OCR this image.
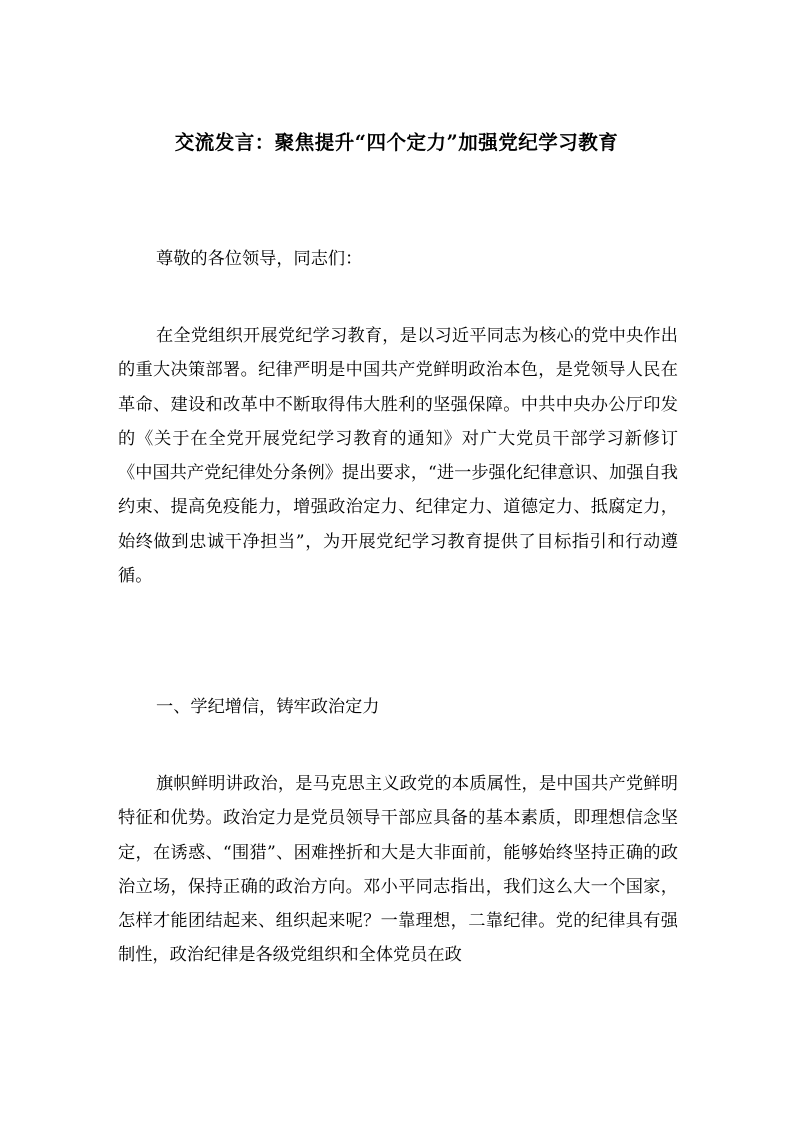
交流发言：聚焦提升“四个定力”加强党纪学习教育

尊敬的各位领导，同志们：

在全党组织开展党纪学习教育，是以习近平同志为核心的党中央作出的重大决策部署。纪律严明是中国共产党鲜明政治本色，是党领导人民在革命、建设和改革中不断取得伟大胜利的坚强保障。中共中央办公厅印发的《关于在全党开展党纪学习教育的通知》对广大党员干部学习新修订《中国共产党纪律处分条例》提出要求，“进一步强化纪律意识、加强自我约束、提高免疫能力，增强政治定力、纪律定力、道德定力、抵腐定力，始终做到忠诚干净担当”，为开展党纪学习教育提供了目标指引和行动遵循。

一、学纪增信，铸牢政治定力

旗帜鲜明讲政治，是马克思主义政党的本质属性，是中国共产党鲜明特征和优势。政治定力是党员领导干部应具备的基本素质，即理想信念坚定，在诱惑、“围猎”、困难挫折和大是大非面前，能够始终坚持正确的政治立场，保持正确的政治方向。邓小平同志指出，我们这么大一个国家，怎样才能团结起来、组织起来呢？一靠理想，二靠纪律。党的纪律具有强制性，政治纪律是各级党组织和全体党员在政
